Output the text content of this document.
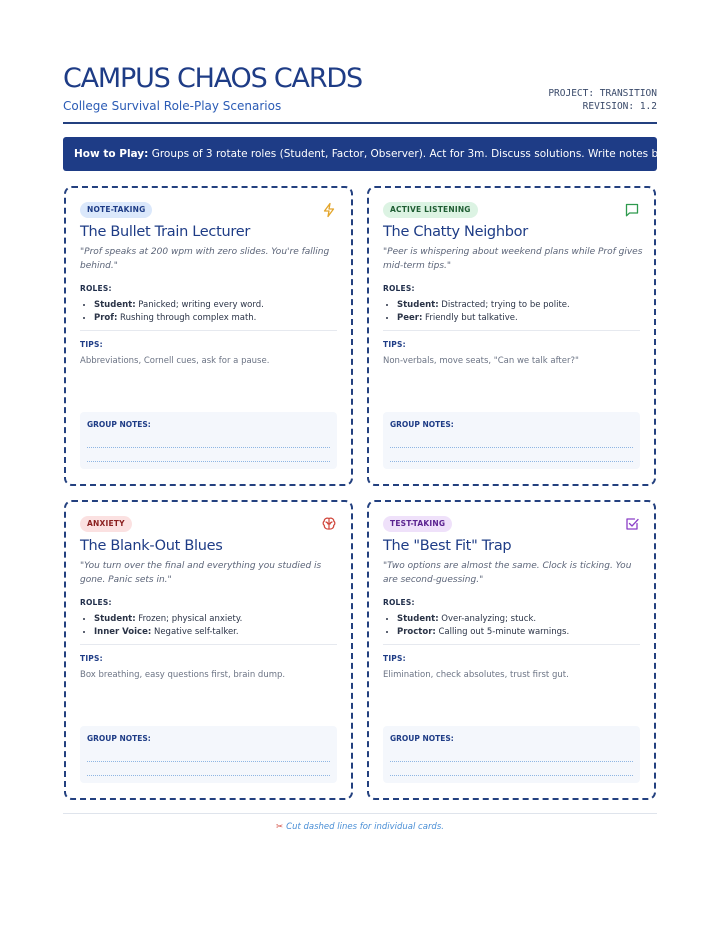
CAMPUS CHAOS CARDS
College Survival Role-Play Scenarios
PROJECT: TRANSITION
REVISION: 1.2
How to Play: Groups of 3 rotate roles (Student, Factor, Observer). Act for 3m. Discuss solutions. Write notes below.
NOTE-TAKING
The Bullet Train Lecturer
"Prof speaks at 200 wpm with zero slides. You're falling behind."
ROLES:
• Student: Panicked; writing every word.
• Prof: Rushing through complex math.
TIPS:
Abbreviations, Cornell cues, ask for a pause.
GROUP NOTES:
ACTIVE LISTENING
The Chatty Neighbor
"Peer is whispering about weekend plans while Prof gives mid-term tips."
ROLES:
• Student: Distracted; trying to be polite.
• Peer: Friendly but talkative.
TIPS:
Non-verbals, move seats, "Can we talk after?"
GROUP NOTES:
ANXIETY
The Blank-Out Blues
"You turn over the final and everything you studied is gone. Panic sets in."
ROLES:
• Student: Frozen; physical anxiety.
• Inner Voice: Negative self-talker.
TIPS:
Box breathing, easy questions first, brain dump.
GROUP NOTES:
TEST-TAKING
The "Best Fit" Trap
"Two options are almost the same. Clock is ticking. You are second-guessing."
ROLES:
• Student: Over-analyzing; stuck.
• Proctor: Calling out 5-minute warnings.
TIPS:
Elimination, check absolutes, trust first gut.
GROUP NOTES:
✂ Cut dashed lines for individual cards.
